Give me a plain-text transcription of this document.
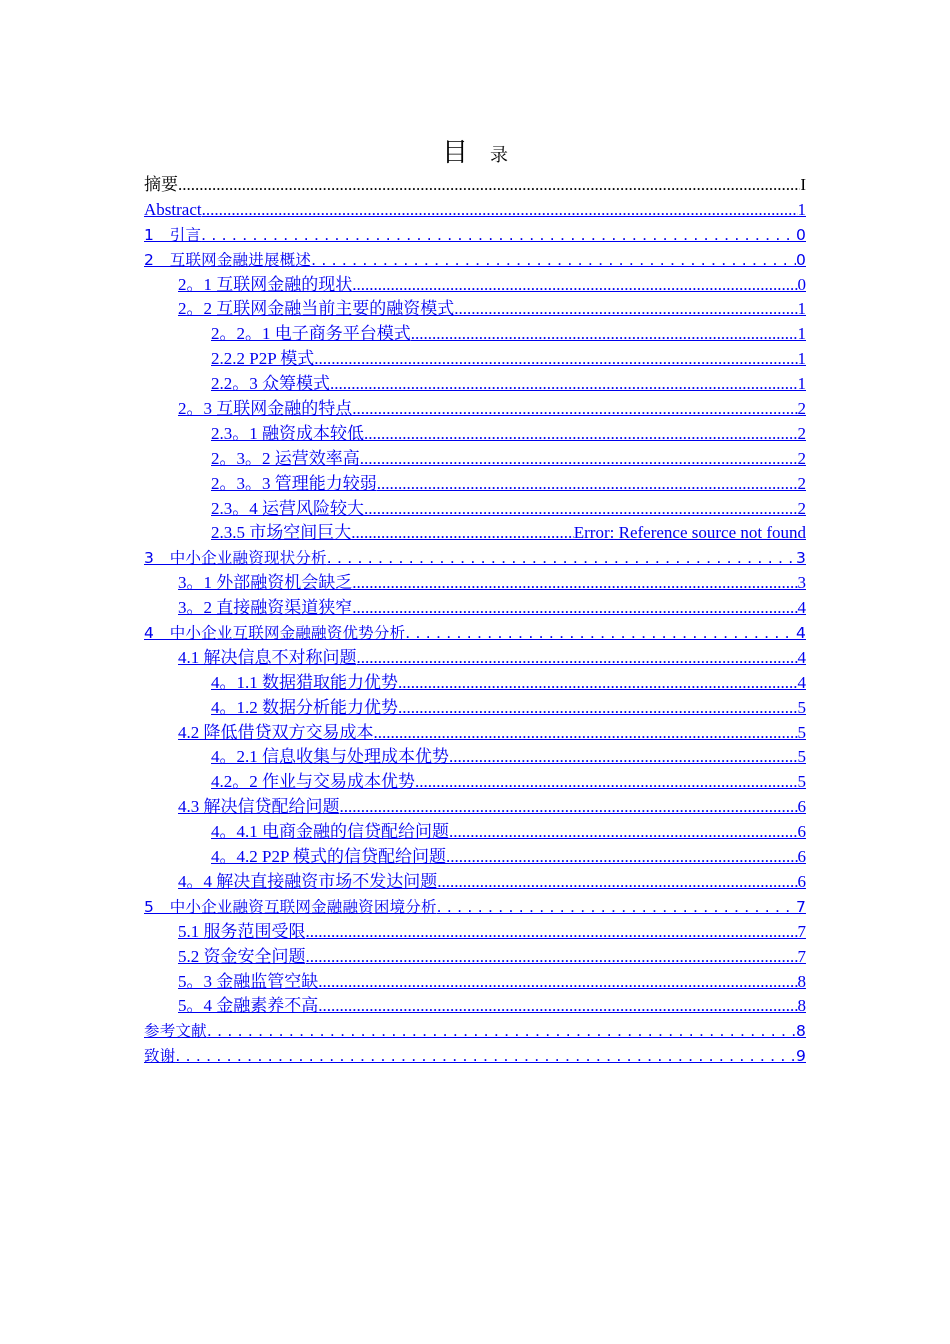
目 录
摘要 .....	I
Abstract .....	1
1　引言 . . .	0
2　互联网金融进展概述 . . .	0
2。1 互联网金融的现状 .....	0
2。2 互联网金融当前主要的融资模式 .....	1
2。2。1 电子商务平台模式 .....	1
2.2.2 P2P 模式 .....	1
2.2。3 众筹模式 .....	1
2。3 互联网金融的特点 .....	2
2.3。1 融资成本较低 .....	2
2。3。2 运营效率高 .....	2
2。3。3 管理能力较弱 .....	2
2.3。4 运营风险较大 .....	2
2.3.5 市场空间巨大 .....	Error: Reference source not found
3　中小企业融资现状分析 . . .	3
3。1 外部融资机会缺乏 .....	3
3。2 直接融资渠道狭窄 .....	4
4　中小企业互联网金融融资优势分析 . . .	4
4.1 解决信息不对称问题 .....	4
4。1.1 数据猎取能力优势 .....	4
4。1.2 数据分析能力优势 .....	5
4.2 降低借贷双方交易成本 .....	5
4。2.1 信息收集与处理成本优势 .....	5
4.2。2 作业与交易成本优势 .....	5
4.3 解决信贷配给问题 .....	6
4。4.1 电商金融的信贷配给问题 .....	6
4。4.2 P2P 模式的信贷配给问题 .....	6
4。4 解决直接融资市场不发达问题 .....	6
5　中小企业融资互联网金融融资困境分析 . . .	7
5.1 服务范围受限 .....	7
5.2 资金安全问题 .....	7
5。3 金融监管空缺 .....	8
5。4 金融素养不高 .....	8
参考文献 . . .	8
致谢 . . .	9
